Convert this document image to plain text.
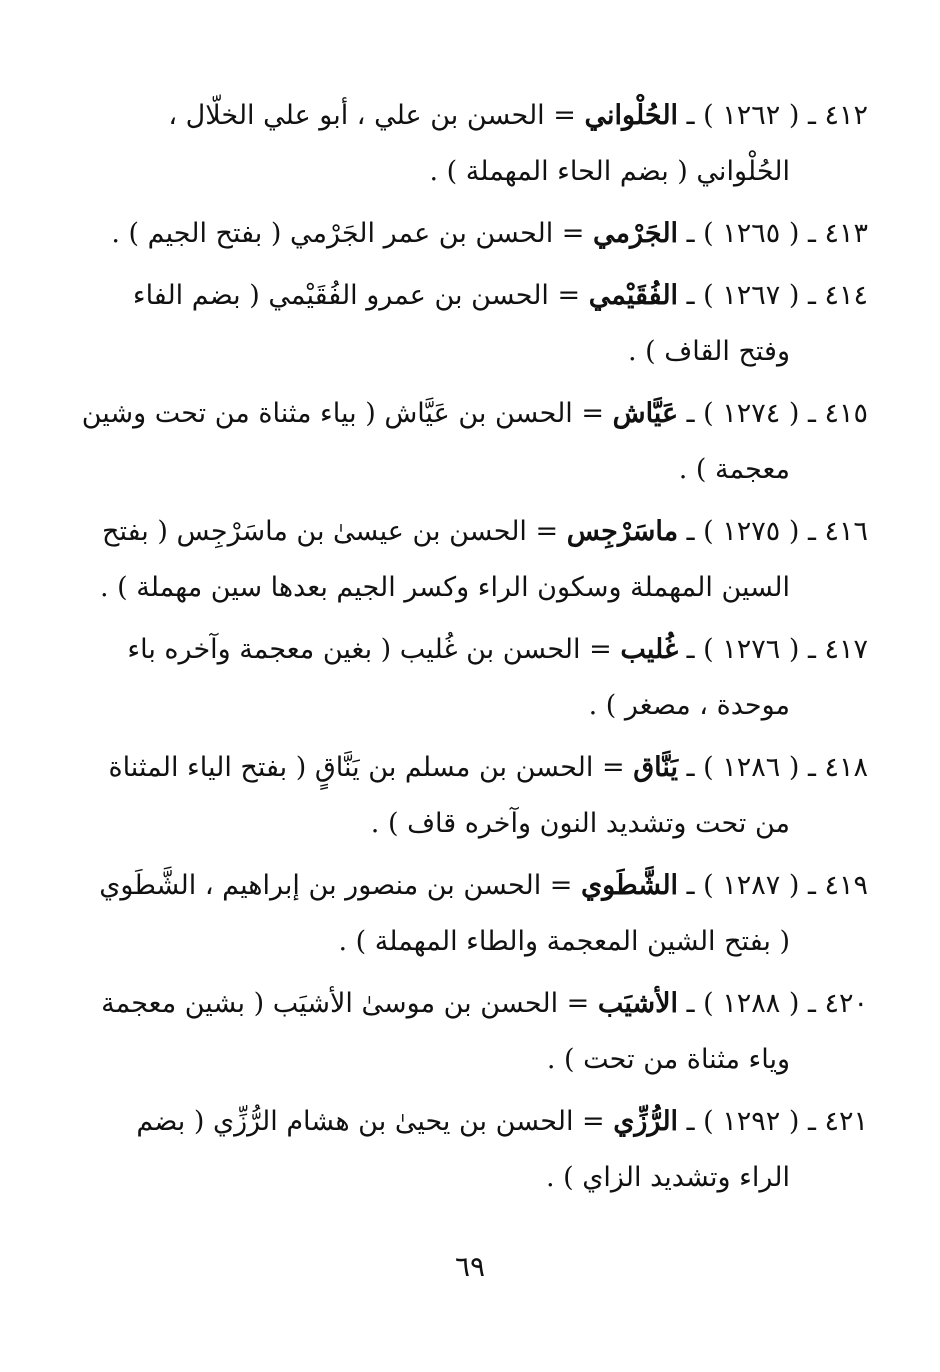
٤١٢ ـ ( ١٢٦٢ ) ـ الحُلْواني = الحسن بن علي ، أبو علي الخلّال ،
الحُلْواني ( بضم الحاء المهملة ) .
٤١٣ ـ ( ١٢٦٥ ) ـ الجَرْمي = الحسن بن عمر الجَرْمي ( بفتح الجيم ) .
٤١٤ ـ ( ١٢٦٧ ) ـ الفُقَيْمي = الحسن بن عمرو الفُقَيْمي ( بضم الفاء
وفتح القاف ) .
٤١٥ ـ ( ١٢٧٤ ) ـ عَيَّاش = الحسن بن عَيَّاش ( بياء مثناة من تحت وشين
معجمة ) .
٤١٦ ـ ( ١٢٧٥ ) ـ ماسَرْجِس = الحسن بن عيسىٰ بن ماسَرْجِس ( بفتح
السين المهملة وسكون الراء وكسر الجيم بعدها سين مهملة ) .
٤١٧ ـ ( ١٢٧٦ ) ـ غُليب = الحسن بن غُليب ( بغين معجمة وآخره باء
موحدة ، مصغر ) .
٤١٨ ـ ( ١٢٨٦ ) ـ يَنَّاق = الحسن بن مسلم بن يَنَّاقٍ ( بفتح الياء المثناة
من تحت وتشديد النون وآخره قاف ) .
٤١٩ ـ ( ١٢٨٧ ) ـ الشَّطَوي = الحسن بن منصور بن إبراهيم ، الشَّطَوي
( بفتح الشين المعجمة والطاء المهملة ) .
٤٢٠ ـ ( ١٢٨٨ ) ـ الأشيَب = الحسن بن موسىٰ الأشيَب ( بشين معجمة
وياء مثناة من تحت ) .
٤٢١ ـ ( ١٢٩٢ ) ـ الرُّزِّي = الحسن بن يحيىٰ بن هشام الرُّزِّي ( بضم
الراء وتشديد الزاي ) .
٦٩
